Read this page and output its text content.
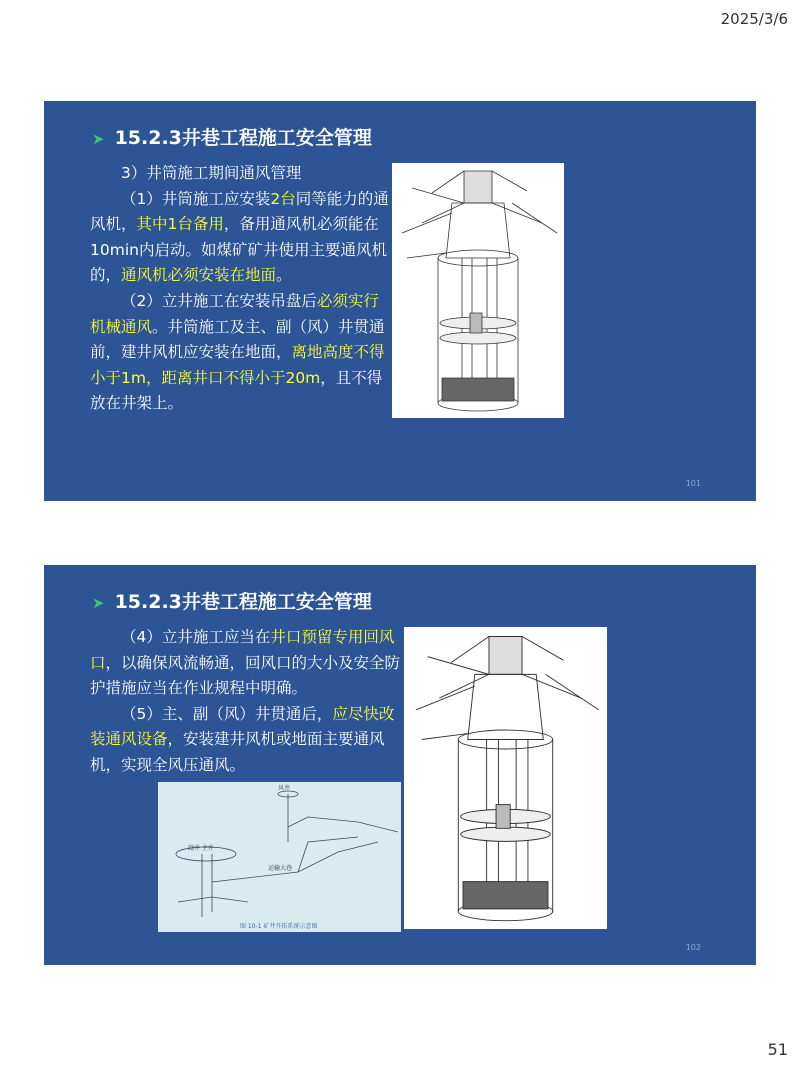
2025/3/6
➤ 15.2.3井巷工程施工安全管理

3）井筒施工期间通风管理

（1）井筒施工应安装2台同等能力的通风机，其中1台备用，备用通风机必须能在10min内启动。如煤矿矿井使用主要通风机的，通风机必须安装在地面。

（2）立井施工在安装吊盘后必须实行机械通风。井筒施工及主、副（风）井贯通前，建井风机应安装在地面，离地高度不得小于1m，距离井口不得小于20m，且不得放在井架上。

101
➤ 15.2.3井巷工程施工安全管理

（4）立井施工应当在井口预留专用回风口，以确保风流畅通，回风口的大小及安全防护措施应当在作业规程中明确。

（5）主、副（风）井贯通后，应尽快改装通风设备，安装建井风机或地面主要通风机，实现全风压通风。

风井
副井 主井
运输大巷
图 10-1 矿井开拓系统示意图
102
51
